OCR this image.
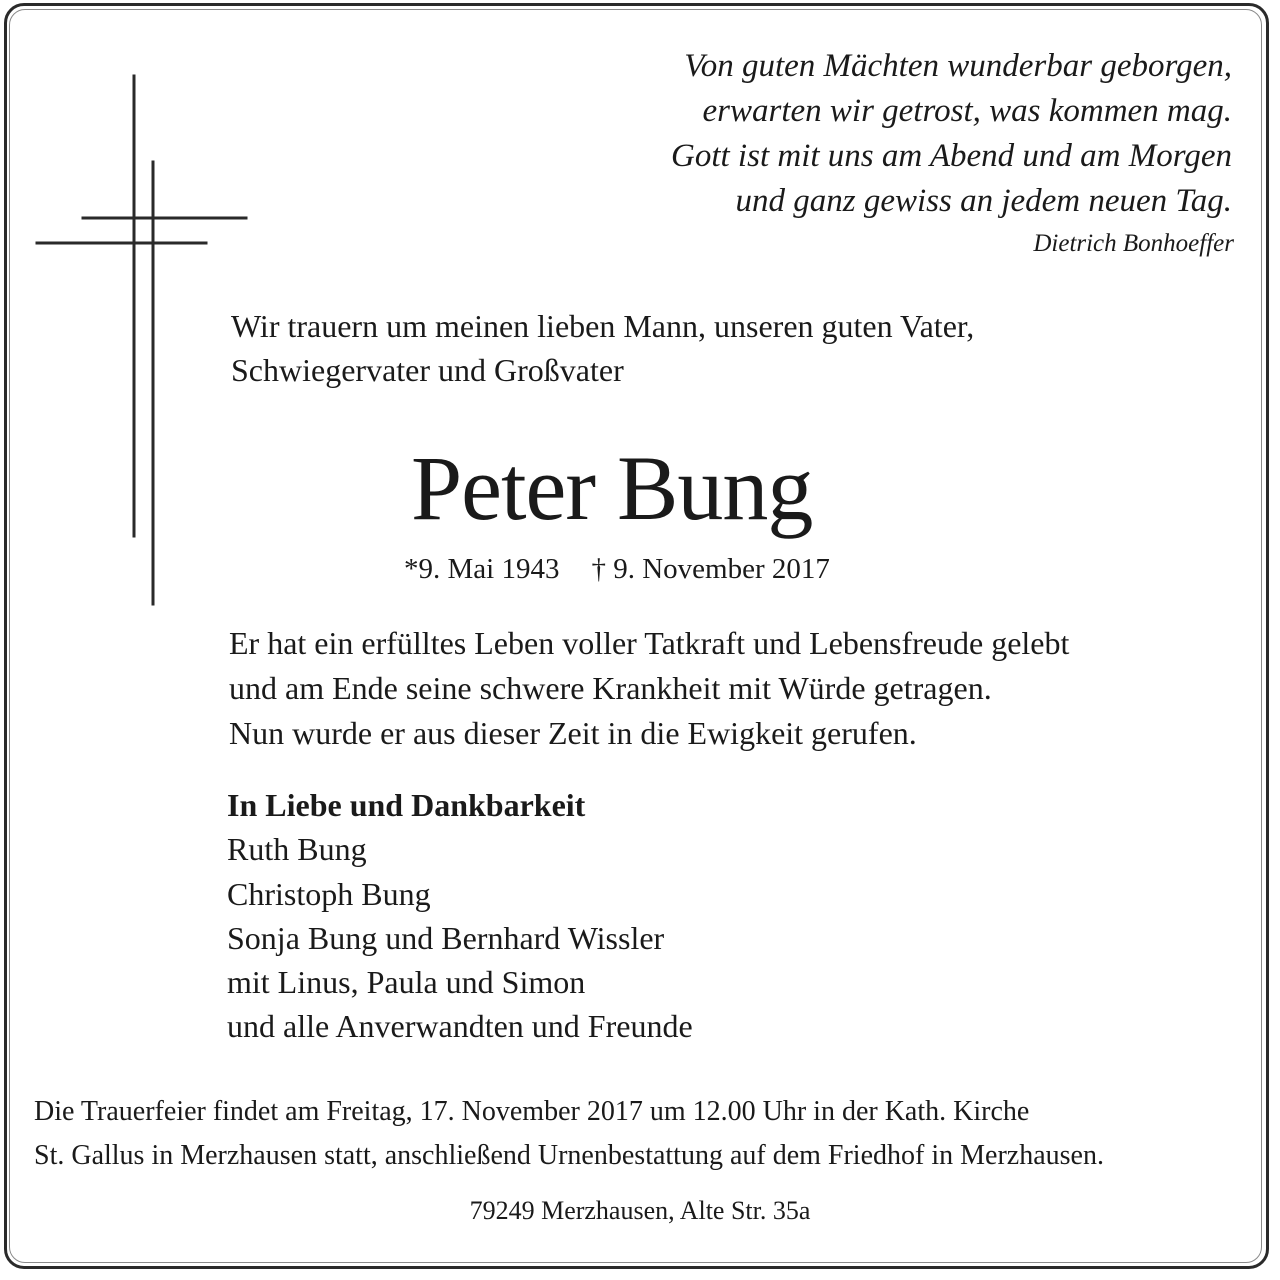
Von guten Mächten wunderbar geborgen,
erwarten wir getrost, was kommen mag.
Gott ist mit uns am Abend und am Morgen
und ganz gewiss an jedem neuen Tag.
Dietrich Bonhoeffer
Wir trauern um meinen lieben Mann, unseren guten Vater,
Schwiegervater und Großvater
Peter Bung
*9. Mai 1943 † 9. November 2017
Er hat ein erfülltes Leben voller Tatkraft und Lebensfreude gelebt
und am Ende seine schwere Krankheit mit Würde getragen.
Nun wurde er aus dieser Zeit in die Ewigkeit gerufen.
In Liebe und Dankbarkeit
Ruth Bung
Christoph Bung
Sonja Bung und Bernhard Wissler
mit Linus, Paula und Simon
und alle Anverwandten und Freunde
Die Trauerfeier findet am Freitag, 17. November 2017 um 12.00 Uhr in der Kath. Kirche
St. Gallus in Merzhausen statt, anschließend Urnenbestattung auf dem Friedhof in Merzhausen.
79249 Merzhausen, Alte Str. 35a
